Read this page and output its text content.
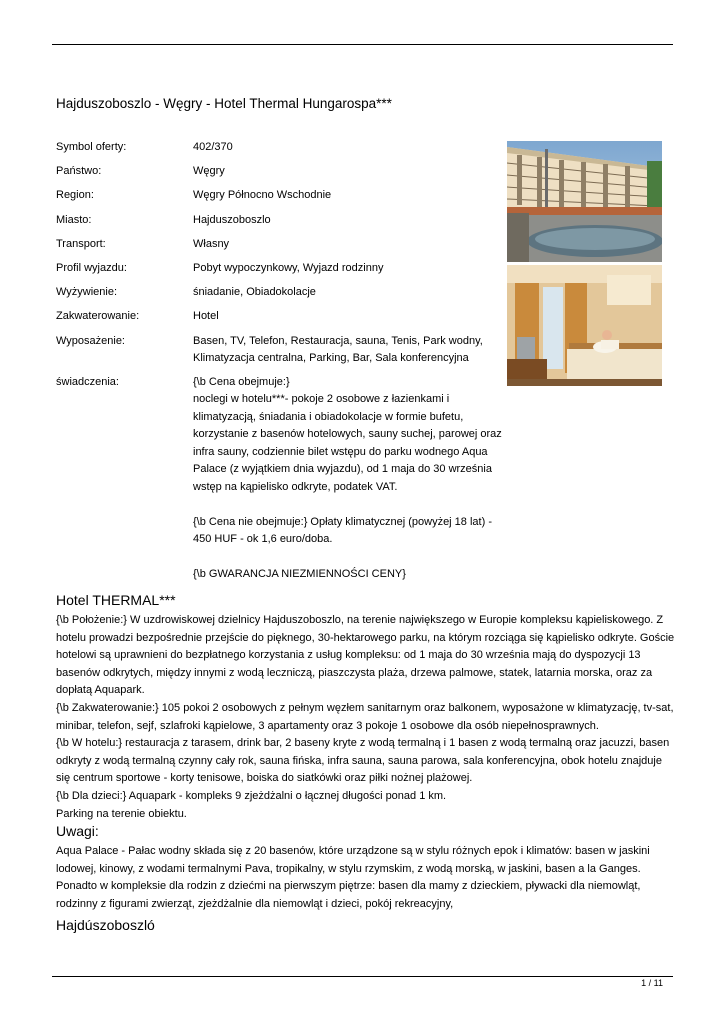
Hajduszoboszlo - Węgry - Hotel Thermal Hungarospa***
Symbol oferty:	402/370
Państwo:	Węgry
Region:	Węgry Północno Wschodnie
Miasto:	Hajduszoboszlo
Transport:	Własny
Profil wyjazdu:	Pobyt wypoczynkowy, Wyjazd rodzinny
Wyżywienie:	śniadanie, Obiadokolacje
Zakwaterowanie:	Hotel
Wyposażenie:	Basen, TV, Telefon, Restauracja, sauna, Tenis, Park wodny, Klimatyzacja centralna, Parking, Bar, Sala konferencyjna
świadczenia:	{\b Cena obejmuje:}
noclegi w hotelu***- pokoje 2 osobowe z łazienkami i klimatyzacją, śniadania i obiadokolacje w formie bufetu, korzystanie z basenów hotelowych, sauny suchej, parowej oraz infra sauny, codziennie bilet wstępu do parku wodnego Aqua Palace (z wyjątkiem dnia wyjazdu), od 1 maja do 30 września wstęp na kąpielisko odkryte, podatek VAT.
{\b Cena nie obejmuje:} Opłaty klimatycznej (powyżej 18 lat) - 450 HUF - ok 1,6 euro/doba.
{\b GWARANCJA NIEZMIENNOŚCI CENY}
Hotel THERMAL***

{\b Położenie:} W uzdrowiskowej dzielnicy Hajduszoboszlo, na terenie największego w Europie kompleksu kąpieliskowego. Z hotelu prowadzi bezpośrednie przejście do pięknego, 30-hektarowego parku, na którym rozciąga się kąpielisko odkryte. Goście hotelowi są uprawnieni do bezpłatnego korzystania z usług kompleksu: od 1 maja do 30 września mają do dyspozycji 13 basenów odkrytych, między innymi z wodą leczniczą, piaszczysta plaża, drzewa palmowe, statek, latarnia morska, oraz za dopłatą Aquapark.

{\b Zakwaterowanie:} 105 pokoi 2 osobowych z pełnym węzłem sanitarnym oraz balkonem, wyposażone w klimatyzację, tv-sat, minibar, telefon, sejf, szlafroki kąpielowe, 3 apartamenty oraz 3 pokoje 1 osobowe dla osób niepełnosprawnych.

{\b W hotelu:} restauracja z tarasem, drink bar, 2 baseny kryte z wodą termalną i 1 basen z wodą termalną oraz jacuzzi, basen odkryty z wodą termalną czynny cały rok, sauna fińska, infra sauna, sauna parowa, sala konferencyjna, obok hotelu znajduje się centrum sportowe - korty tenisowe, boiska do siatkówki oraz piłki nożnej plażowej.

{\b Dla dzieci:} Aquapark - kompleks 9 zjeżdżalni o łącznej długości ponad 1 km.

Parking na terenie obiektu.

Uwagi:

Aqua Palace - Pałac wodny składa się z 20 basenów, które urządzone są w stylu różnych epok i klimatów: basen w jaskini lodowej, kinowy, z wodami termalnymi Pava, tropikalny, w stylu rzymskim, z wodą morską, w jaskini, basen a la Ganges. Ponadto w kompleksie dla rodzin z dziećmi na pierwszym piętrze: basen dla mamy z dzieckiem, pływacki dla niemowląt, rodzinny z figurami zwierząt, zjeżdżalnie dla niemowląt i dzieci, pokój rekreacyjny,

Hajdúszoboszló
1 / 11
